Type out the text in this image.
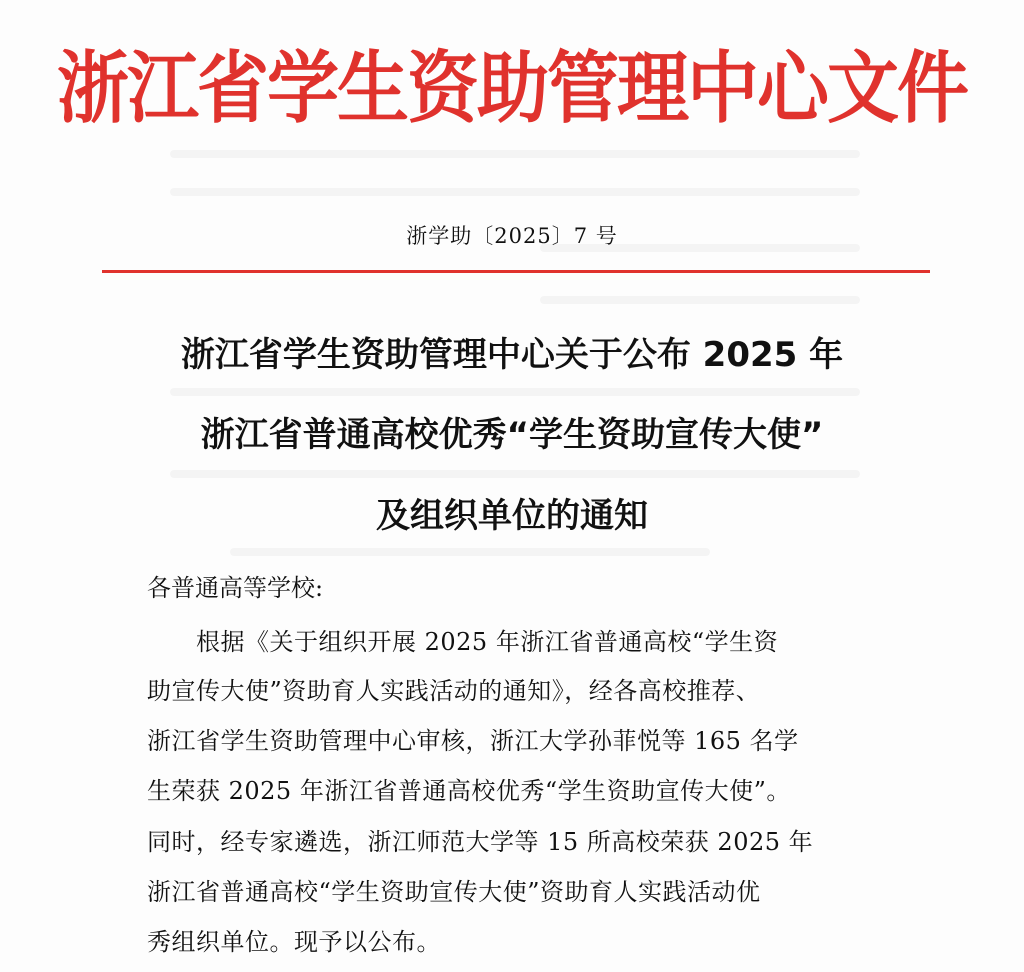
浙江省学生资助管理中心文件
浙学助〔2025〕7 号
浙江省学生资助管理中心关于公布 2025 年
浙江省普通高校优秀“学生资助宣传大使”
及组织单位的通知
各普通高等学校:
根据《关于组织开展 2025 年浙江省普通高校“学生资
助宣传大使”资助育人实践活动的通知》，经各高校推荐、
浙江省学生资助管理中心审核，浙江大学孙菲悦等 165 名学
生荣获 2025 年浙江省普通高校优秀“学生资助宣传大使”。
同时，经专家遴选，浙江师范大学等 15 所高校荣获 2025 年
浙江省普通高校“学生资助宣传大使”资助育人实践活动优
秀组织单位。现予以公布。
